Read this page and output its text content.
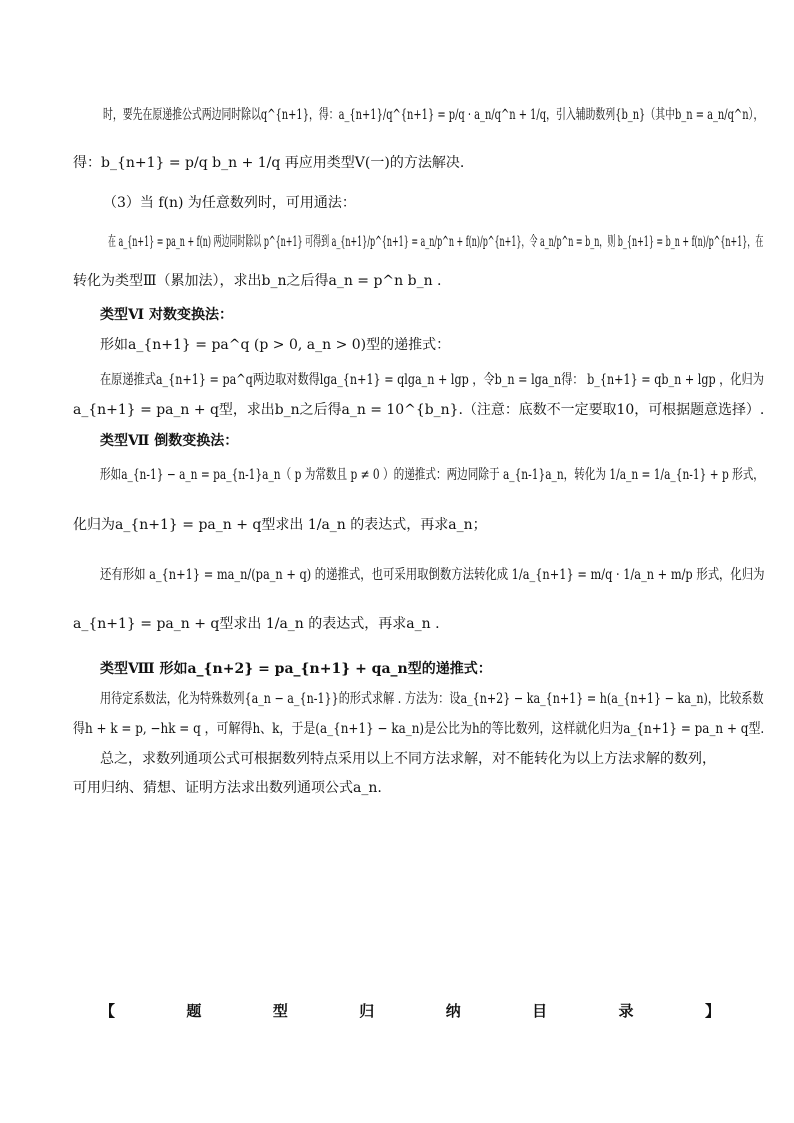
时，要先在原递推公式两边同时除以q^{n+1}，得：a_{n+1}/q^{n+1} = p/q · a_n/q^n + 1/q，引入辅助数列{b_n}（其中b_n = a_n/q^n），
得：b_{n+1} = p/q b_n + 1/q 再应用类型Ⅴ(一)的方法解决.
（3）当 f(n) 为任意数列时，可用通法：
在 a_{n+1} = pa_n + f(n) 两边同时除以 p^{n+1} 可得到 a_{n+1}/p^{n+1} = a_n/p^n + f(n)/p^{n+1}，令 a_n/p^n = b_n，则 b_{n+1} = b_n + f(n)/p^{n+1}，在
转化为类型Ⅲ（累加法），求出b_n之后得a_n = p^n b_n .
类型Ⅵ 对数变换法：
形如a_{n+1} = pa^q (p > 0, a_n > 0)型的递推式：
在原递推式a_{n+1} = pa^q两边取对数得lga_{n+1} = qlga_n + lgp ，令b_n = lga_n得： b_{n+1} = qb_n + lgp ，化归为
a_{n+1} = pa_n + q型，求出b_n之后得a_n = 10^{b_n}.（注意：底数不一定要取10，可根据题意选择）.
类型Ⅶ 倒数变换法：
形如a_{n-1} − a_n = pa_{n-1}a_n（ p 为常数且 p ≠ 0 ）的递推式：两边同除于 a_{n-1}a_n，转化为 1/a_n = 1/a_{n-1} + p 形式，
化归为a_{n+1} = pa_n + q型求出 1/a_n 的表达式，再求a_n；
还有形如 a_{n+1} = ma_n/(pa_n + q) 的递推式，也可采用取倒数方法转化成 1/a_{n+1} = m/q · 1/a_n + m/p 形式，化归为
a_{n+1} = pa_n + q型求出 1/a_n 的表达式，再求a_n .
类型Ⅷ 形如a_{n+2} = pa_{n+1} + qa_n型的递推式：
用待定系数法，化为特殊数列{a_n − a_{n-1}}的形式求解 . 方法为：设a_{n+2} − ka_{n+1} = h(a_{n+1} − ka_n)，比较系数
得h + k = p, −hk = q ，可解得h、k，于是(a_{n+1} − ka_n)是公比为h的等比数列，这样就化归为a_{n+1} = pa_n + q型.
总之，求数列通项公式可根据数列特点采用以上不同方法求解，对不能转化为以上方法求解的数列，
可用归纳、猜想、证明方法求出数列通项公式a_n.
【	题	型	归	纳	目	录	】
